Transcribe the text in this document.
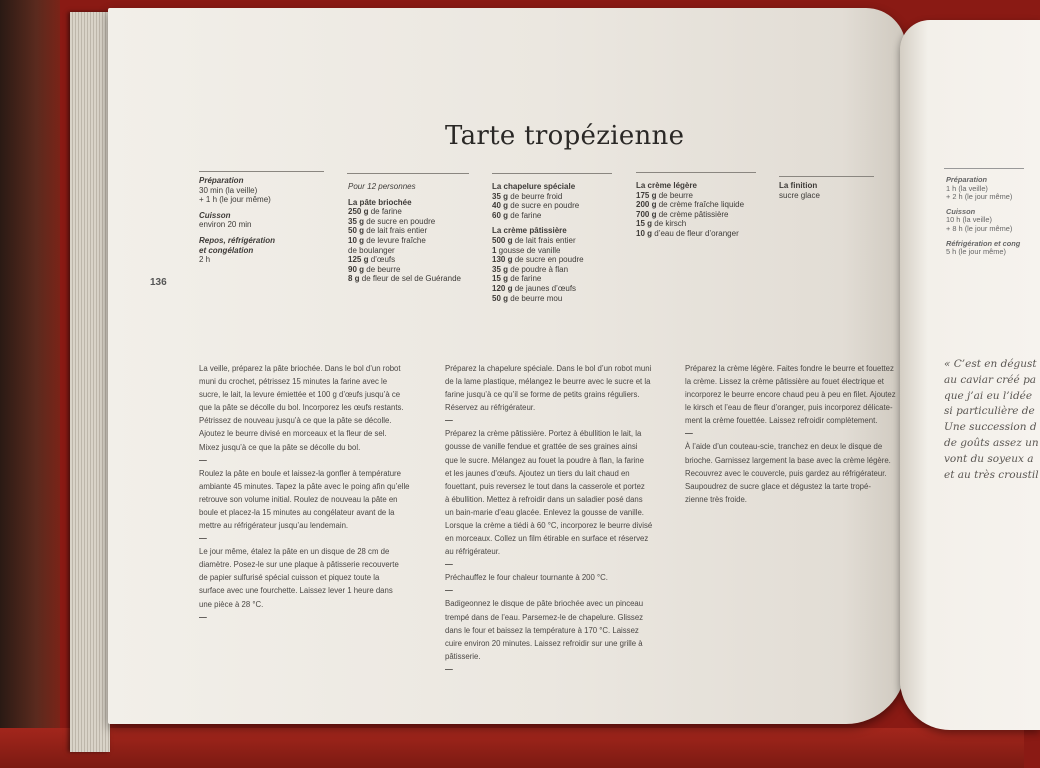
Tarte tropézienne
136
Préparation
30 min (la veille)
+ 1 h (le jour même)
Cuisson
environ 20 min
Repos, réfrigération
et congélation
2 h
Pour 12 personnes
La pâte briochée
250 g de farine
35 g de sucre en poudre
50 g de lait frais entier
10 g de levure fraîche
de boulanger
125 g d’œufs
90 g de beurre
8 g de fleur de sel de Guérande
La chapelure spéciale
35 g de beurre froid
40 g de sucre en poudre
60 g de farine
La crème pâtissière
500 g de lait frais entier
1 gousse de vanille
130 g de sucre en poudre
35 g de poudre à flan
15 g de farine
120 g de jaunes d’œufs
50 g de beurre mou
La crème légère
175 g de beurre
200 g de crème fraîche liquide
700 g de crème pâtissière
15 g de kirsch
10 g d’eau de fleur d’oranger
La finition
sucre glace
La veille, préparez la pâte briochée. Dans le bol d’un robot
muni du crochet, pétrissez 15 minutes la farine avec le
sucre, le lait, la levure émiettée et 100 g d’œufs jusqu’à ce
que la pâte se décolle du bol. Incorporez les œufs restants.
Pétrissez de nouveau jusqu’à ce que la pâte se décolle.
Ajoutez le beurre divisé en morceaux et la fleur de sel.
Mixez jusqu’à ce que la pâte se décolle du bol.
—
Roulez la pâte en boule et laissez-la gonfler à température
ambiante 45 minutes. Tapez la pâte avec le poing afin qu’elle
retrouve son volume initial. Roulez de nouveau la pâte en
boule et placez-la 15 minutes au congélateur avant de la
mettre au réfrigérateur jusqu’au lendemain.
—
Le jour même, étalez la pâte en un disque de 28 cm de
diamètre. Posez-le sur une plaque à pâtisserie recouverte
de papier sulfurisé spécial cuisson et piquez toute la
surface avec une fourchette. Laissez lever 1 heure dans
une pièce à 28 °C.
—
Préparez la chapelure spéciale. Dans le bol d’un robot muni
de la lame plastique, mélangez le beurre avec le sucre et la
farine jusqu’à ce qu’il se forme de petits grains réguliers.
Réservez au réfrigérateur.
—
Préparez la crème pâtissière. Portez à ébullition le lait, la
gousse de vanille fendue et grattée de ses graines ainsi
que le sucre. Mélangez au fouet la poudre à flan, la farine
et les jaunes d’œufs. Ajoutez un tiers du lait chaud en
fouettant, puis reversez le tout dans la casserole et portez
à ébullition. Mettez à refroidir dans un saladier posé dans
un bain-marie d’eau glacée. Enlevez la gousse de vanille.
Lorsque la crème a tiédi à 60 °C, incorporez le beurre divisé
en morceaux. Collez un film étirable en surface et réservez
au réfrigérateur.
—
Préchauffez le four chaleur tournante à 200 °C.
—
Badigeonnez le disque de pâte briochée avec un pinceau
trempé dans de l’eau. Parsemez-le de chapelure. Glissez
dans le four et baissez la température à 170 °C. Laissez
cuire environ 20 minutes. Laissez refroidir sur une grille à
pâtisserie.
—
Préparez la crème légère. Faites fondre le beurre et fouettez
la crème. Lissez la crème pâtissière au fouet électrique et
incorporez le beurre encore chaud peu à peu en filet. Ajoutez
le kirsch et l’eau de fleur d’oranger, puis incorporez délicate-
ment la crème fouettée. Laissez refroidir complètement.
—
À l’aide d’un couteau-scie, tranchez en deux le disque de
brioche. Garnissez largement la base avec la crème légère.
Recouvrez avec le couvercle, puis gardez au réfrigérateur.
Saupoudrez de sucre glace et dégustez la tarte tropé-
zienne très froide.
Préparation
1 h (la veille)
+ 2 h (le jour même)
Cuisson
10 h (la veille)
+ 8 h (le jour même)
Réfrigération et cong
5 h (le jour même)
« C’est en dégust
au caviar créé pa
que j’ai eu l’idée
si particulière de
Une succession d
de goûts assez un
vont du soyeux a
et au très croustil
